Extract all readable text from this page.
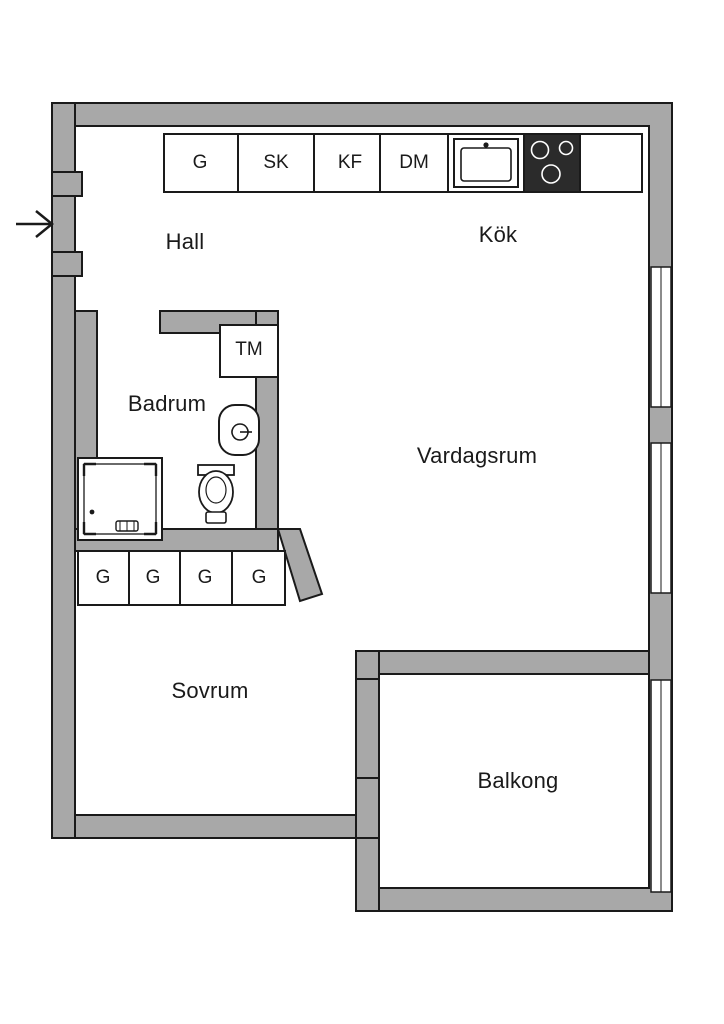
Hall	Kök
Badrum
Vardagsrum
Sovrum
Balkong
G	SK	KF DM
TM
G G G G
